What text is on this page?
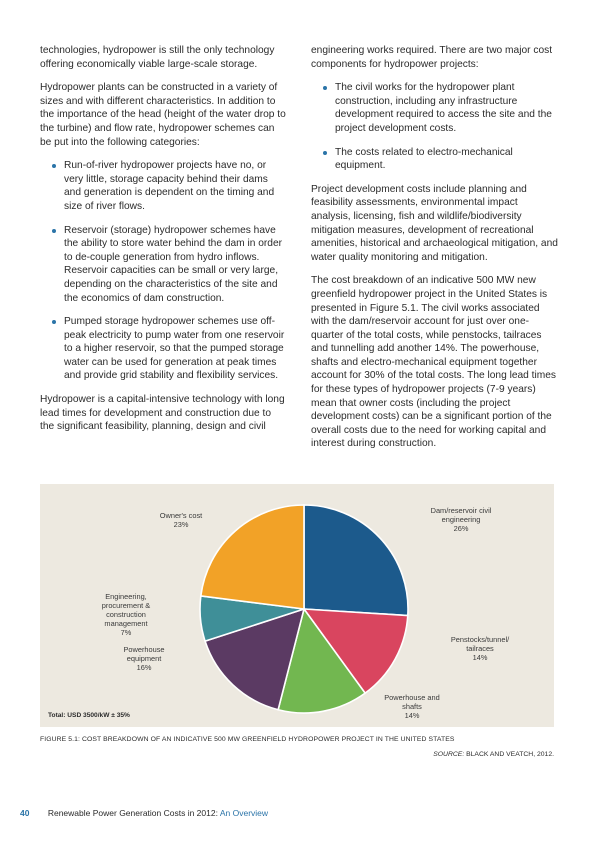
technologies, hydropower is still the only technology offering economically viable large-scale storage.

Hydropower plants can be constructed in a variety of sizes and with different characteristics. In addition to the importance of the head (height of the water drop to the turbine) and flow rate, hydropower schemes can be put into the following categories:

Run-of-river hydropower projects have no, or very little, storage capacity behind their dams and generation is dependent on the timing and size of river flows.
Reservoir (storage) hydropower schemes have the ability to store water behind the dam in order to de-couple generation from hydro inflows. Reservoir capacities can be small or very large, depending on the characteristics of the site and the economics of dam construction.
Pumped storage hydropower schemes use off-peak electricity to pump water from one reservoir to a higher reservoir, so that the pumped storage water can be used for generation at peak times and provide grid stability and flexibility services.

Hydropower is a capital-intensive technology with long lead times for development and construction due to the significant feasibility, planning, design and civil

engineering works required. There are two major cost components for hydropower projects:

The civil works for the hydropower plant construction, including any infrastructure development required to access the site and the project development costs.
The costs related to electro-mechanical equipment.

Project development costs include planning and feasibility assessments, environmental impact analysis, licensing, fish and wildlife/biodiversity mitigation measures, development of recreational amenities, historical and archaeological mitigation, and water quality monitoring and mitigation.

The cost breakdown of an indicative 500 MW new greenfield hydropower project in the United States is presented in Figure 5.1. The civil works associated with the dam/reservoir account for just over one-quarter of the total costs, while penstocks, tailraces and tunnelling add another 14%. The powerhouse, shafts and electro-mechanical equipment together account for 30% of the total costs. The long lead times for these types of hydropower projects (7-9 years) mean that owner costs (including the project development costs) can be a significant portion of the overall costs due to the need for working capital and interest during construction.

Dam/reservoir civil engineering 26%
Penstocks/tunnel/ tailraces 14%
Powerhouse and shafts 14%
Powerhouse equipment 16%
Engineering, procurement & construction management 7%
Owner's cost 23%
Total: USD 3500/kW ± 35%
FIGURE 5.1: COST BREAKDOWN OF AN INDICATIVE 500 MW GREENFIELD HYDROPOWER PROJECT IN THE UNITED STATES
SOURCE: BLACK AND VEATCH, 2012.
40 Renewable Power Generation Costs in 2012: An Overview
